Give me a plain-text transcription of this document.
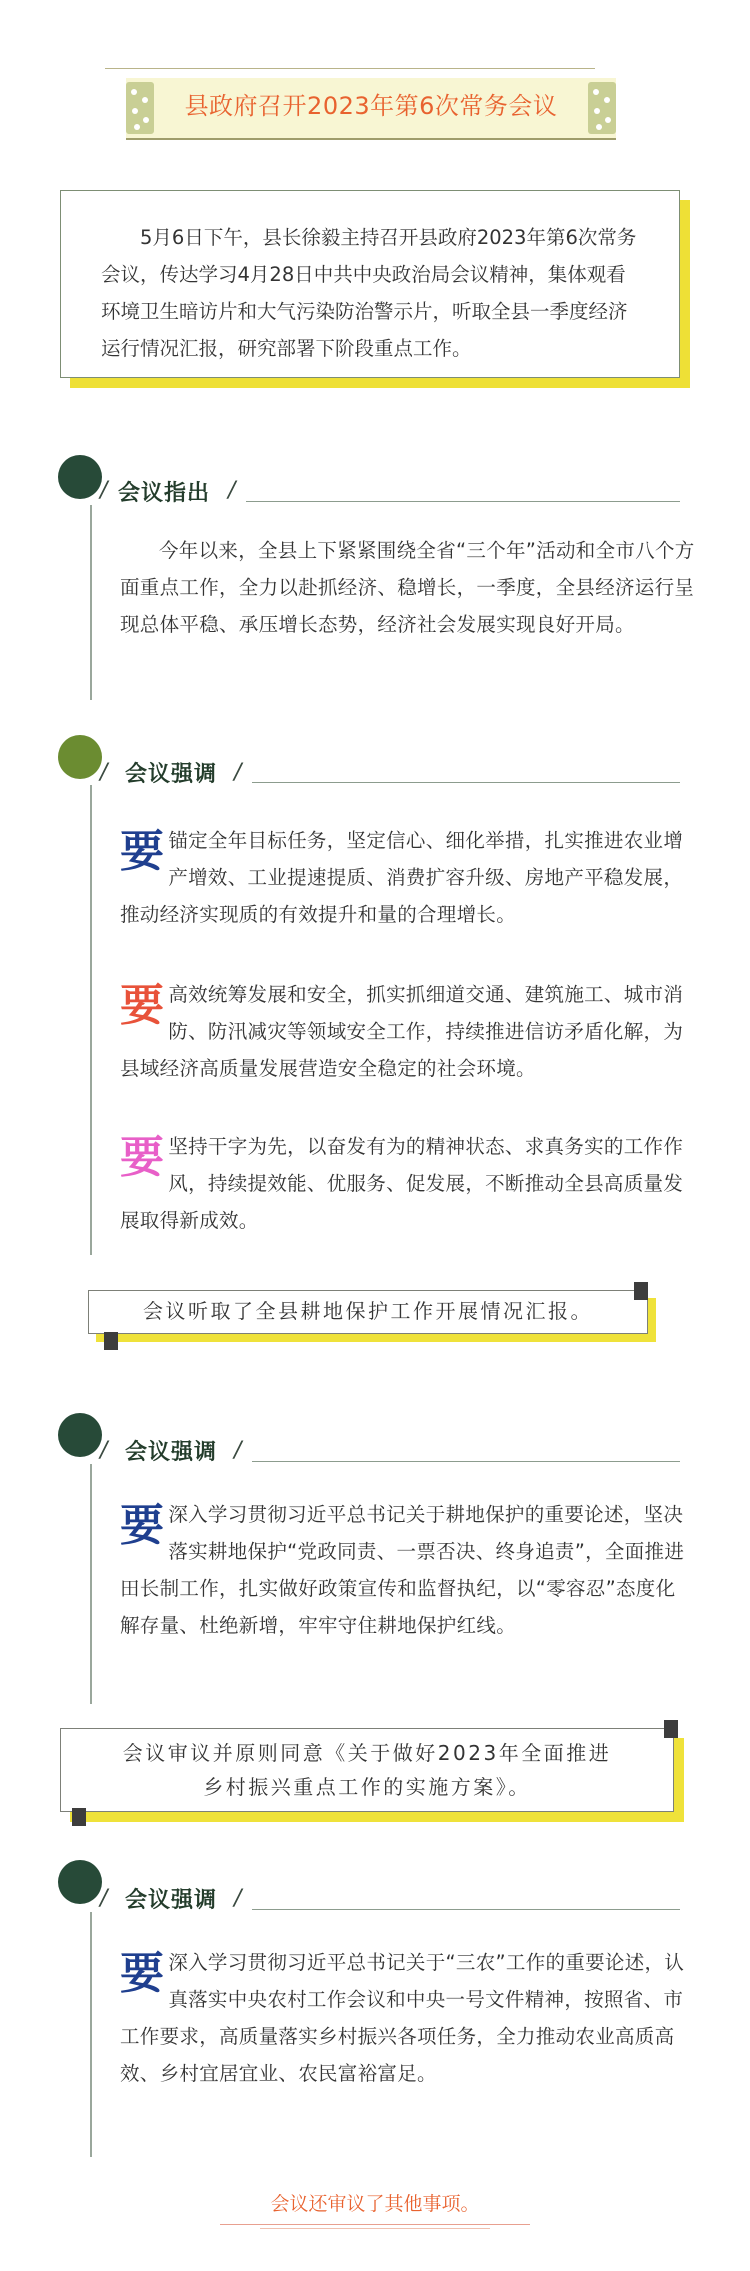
县政府召开2023年第6次常务会议
5月6日下午，县长徐毅主持召开县政府2023年第6次常务会议，传达学习4月28日中共中央政治局会议精神，集体观看环境卫生暗访片和大气污染防治警示片，听取全县一季度经济运行情况汇报，研究部署下阶段重点工作。
/ 会议指出 /
今年以来，全县上下紧紧围绕全省“三个年”活动和全市八个方面重点工作，全力以赴抓经济、稳增长，一季度，全县经济运行呈现总体平稳、承压增长态势，经济社会发展实现良好开局。
/ 会议强调 /
要锚定全年目标任务，坚定信心、细化举措，扎实推进农业增产增效、工业提速提质、消费扩容升级、房地产平稳发展，推动经济实现质的有效提升和量的合理增长。
要高效统筹发展和安全，抓实抓细道交通、建筑施工、城市消防、防汛减灾等领域安全工作，持续推进信访矛盾化解，为县域经济高质量发展营造安全稳定的社会环境。
要坚持干字为先，以奋发有为的精神状态、求真务实的工作作风，持续提效能、优服务、促发展，不断推动全县高质量发展取得新成效。
会议听取了全县耕地保护工作开展情况汇报。
/ 会议强调 /
要深入学习贯彻习近平总书记关于耕地保护的重要论述，坚决落实耕地保护“党政同责、一票否决、终身追责”，全面推进田长制工作，扎实做好政策宣传和监督执纪，以“零容忍”态度化解存量、杜绝新增，牢牢守住耕地保护红线。
会议审议并原则同意《关于做好2023年全面推进
乡村振兴重点工作的实施方案》。
/ 会议强调 /
要深入学习贯彻习近平总书记关于“三农”工作的重要论述，认真落实中央农村工作会议和中央一号文件精神，按照省、市工作要求，高质量落实乡村振兴各项任务，全力推动农业高质高效、乡村宜居宜业、农民富裕富足。
会议还审议了其他事项。
